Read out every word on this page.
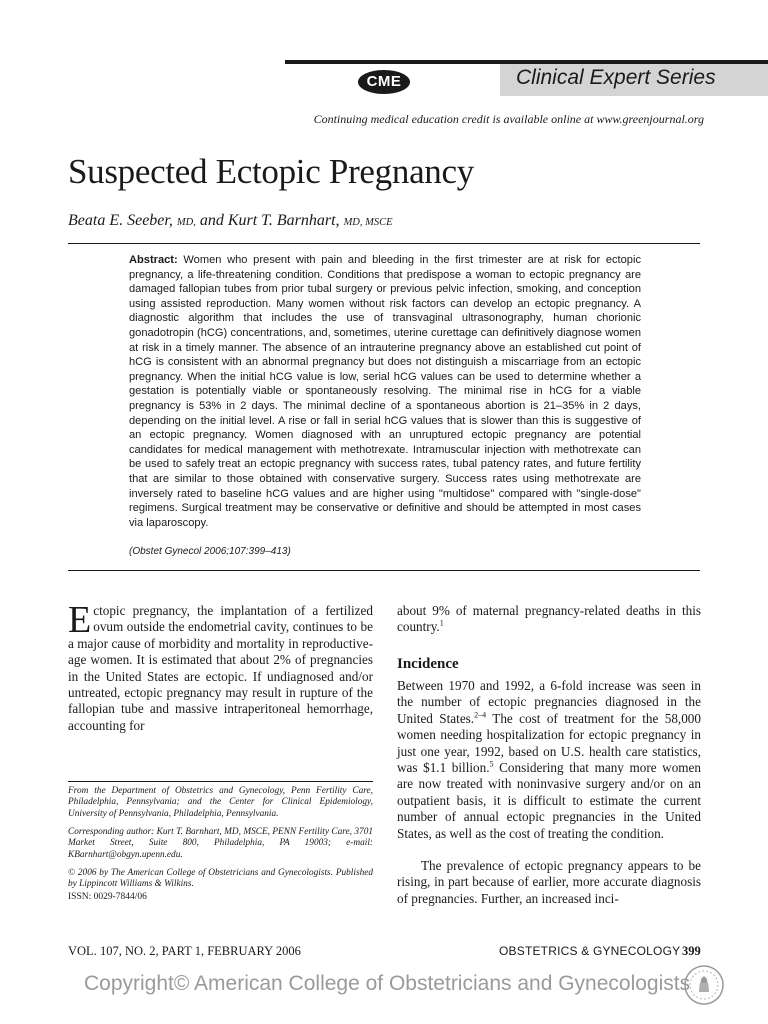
Clinical Expert Series
CME
Continuing medical education credit is available online at www.greenjournal.org
Suspected Ectopic Pregnancy
Beata E. Seeber, MD, and Kurt T. Barnhart, MD, MSCE

Abstract: Women who present with pain and bleeding in the first trimester are at risk for ectopic pregnancy, a life-threatening condition. Conditions that predispose a woman to ectopic pregnancy are damaged fallopian tubes from prior tubal surgery or previous pelvic infection, smoking, and conception using assisted reproduction. Many women without risk factors can develop an ectopic pregnancy. A diagnostic algorithm that includes the use of transvaginal ultrasonography, human chorionic gonadotropin (hCG) concentrations, and, sometimes, uterine curettage can definitively diagnose women at risk in a timely manner. The absence of an intrauterine pregnancy above an established cut point of hCG is consistent with an abnormal pregnancy but does not distinguish a miscarriage from an ectopic pregnancy. When the initial hCG value is low, serial hCG values can be used to determine whether a gestation is potentially viable or spontaneously resolving. The minimal rise in hCG for a viable pregnancy is 53% in 2 days. The minimal decline of a spontaneous abortion is 21–35% in 2 days, depending on the initial level. A rise or fall in serial hCG values that is slower than this is suggestive of an ectopic pregnancy. Women diagnosed with an unruptured ectopic pregnancy are potential candidates for medical management with methotrexate. Intramuscular injection with methotrexate can be used to safely treat an ectopic pregnancy with success rates, tubal patency rates, and future fertility that are similar to those obtained with conservative surgery. Success rates using methotrexate are inversely rated to baseline hCG values and are higher using "multidose" compared with "single-dose" regimens. Surgical treatment may be conservative or definitive and should be attempted in most cases via laparoscopy.

(Obstet Gynecol 2006;107:399–413)

Ectopic pregnancy, the implantation of a fertilized ovum outside the endometrial cavity, continues to be a major cause of morbidity and mortality in reproductive-age women. It is estimated that about 2% of pregnancies in the United States are ectopic. If undiagnosed and/or untreated, ectopic pregnancy may result in rupture of the fallopian tube and massive intraperitoneal hemorrhage, accounting for

From the Department of Obstetrics and Gynecology, Penn Fertility Care, Philadelphia, Pennsylvania; and the Center for Clinical Epidemiology, University of Pennsylvania, Philadelphia, Pennsylvania.

Corresponding author: Kurt T. Barnhart, MD, MSCE, PENN Fertility Care, 3701 Market Street, Suite 800, Philadelphia, PA 19003; e-mail: KBarnhart@obgyn.upenn.edu.

© 2006 by The American College of Obstetricians and Gynecologists. Published by Lippincott Williams & Wilkins.

ISSN: 0029-7844/06

about 9% of maternal pregnancy-related deaths in this country.$^1$

Incidence

Between 1970 and 1992, a 6-fold increase was seen in the number of ectopic pregnancies diagnosed in the United States.$^{2-4}$ The cost of treatment for the 58,000 women needing hospitalization for ectopic pregnancy in just one year, 1992, based on U.S. health care statistics, was $1.1 billion.$^5$ Considering that many more women are now treated with noninvasive surgery and/or on an outpatient basis, it is difficult to estimate the current number of annual ectopic pregnancies in the United States, as well as the cost of treating the condition.

The prevalence of ectopic pregnancy appears to be rising, in part because of earlier, more accurate diagnosis of pregnancies. Further, an increased inci-

VOL. 107, NO. 2, PART 1, FEBRUARY 2006	OBSTETRICS & GYNECOLOGY 399
Copyright© American College of Obstetricians and Gynecologists
